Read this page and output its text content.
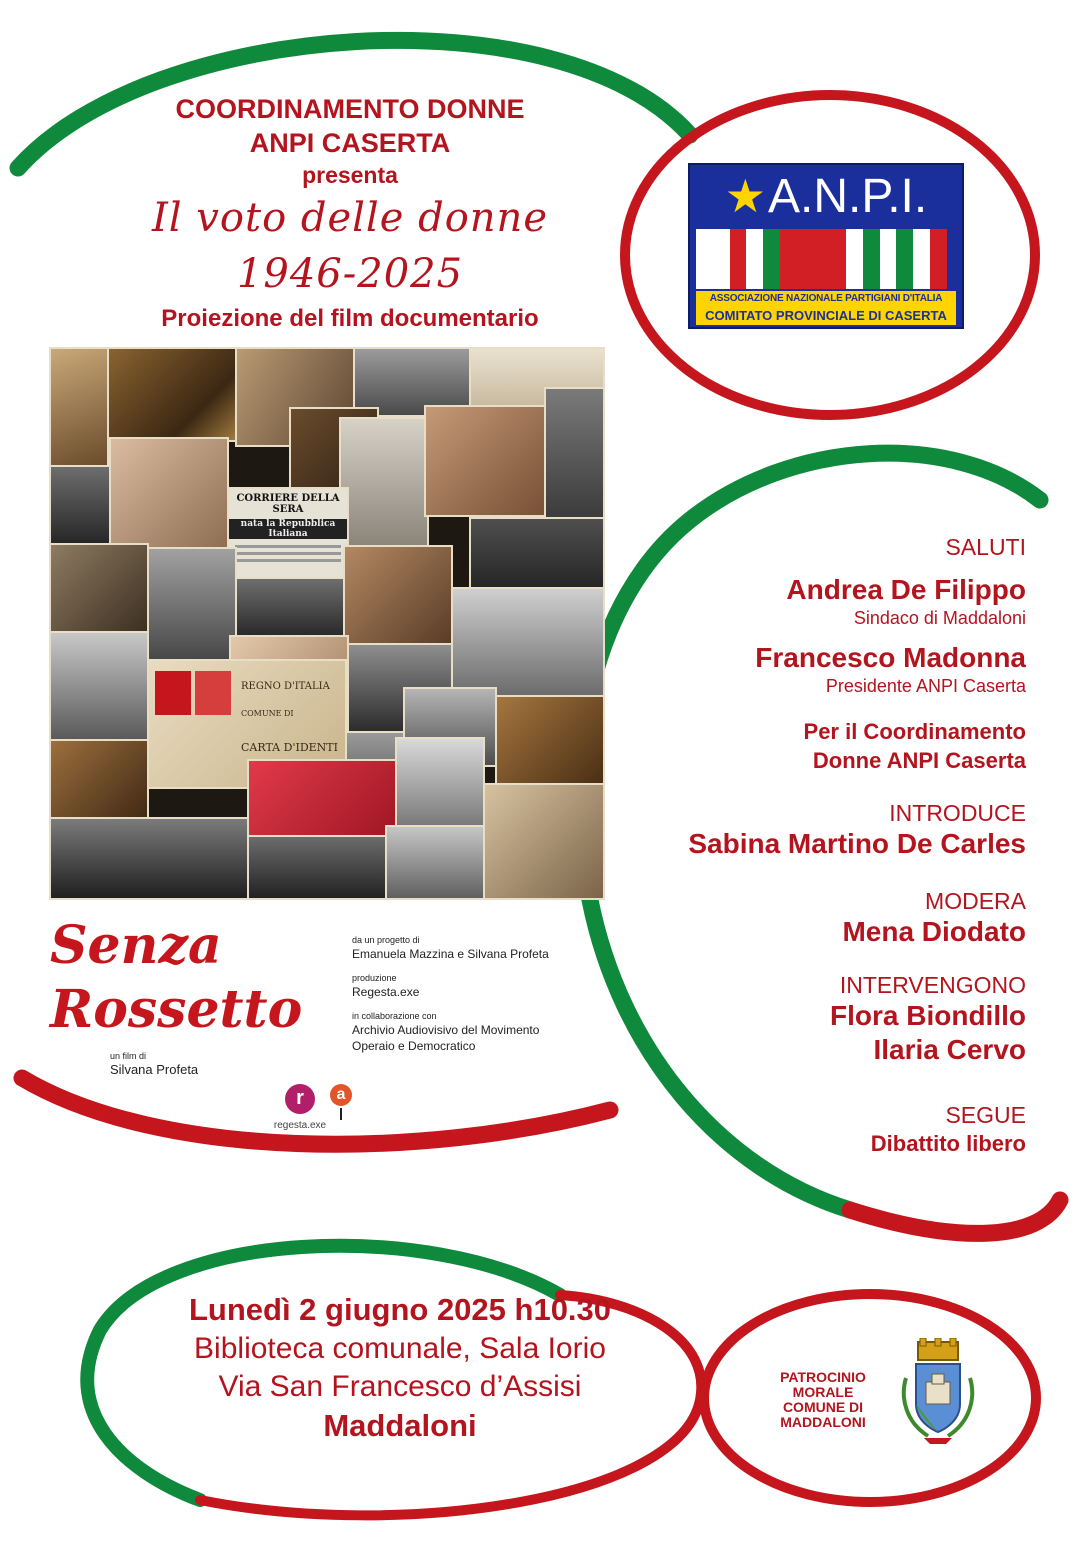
COORDINAMENTO DONNE
ANPI CASERTA
presenta
Il voto delle donne
1946-2025
Proiezione del film documentario
CORRIERE DELLA SERA
nata la Repubblica Italiana
REGNO D'ITALIA
COMUNE DI
CARTA D'IDENTI
Senza
Rossetto
un film di
Silvana Profeta
da un progetto di
Emanuela Mazzina e Silvana Profeta
produzione
Regesta.exe
in collaborazione con
Archivio Audiovisivo del Movimento
Operaio e Democratico
r
regesta.exe
a
★A.N.P.I.
ASSOCIAZIONE NAZIONALE PARTIGIANI D'ITALIA
COMITATO PROVINCIALE DI CASERTA
SALUTI
Andrea De Filippo
Sindaco di Maddaloni
Francesco Madonna
Presidente ANPI Caserta
Per il Coordinamento
Donne ANPI Caserta
INTRODUCE
Sabina Martino De Carles
MODERA
Mena Diodato
INTERVENGONO
Flora Biondillo
Ilaria Cervo
SEGUE
Dibattito libero
Lunedì 2 giugno 2025 h10.30
Biblioteca comunale, Sala Iorio
Via San Francesco d’Assisi
Maddaloni
PATROCINIO
MORALE
COMUNE DI
MADDALONI
